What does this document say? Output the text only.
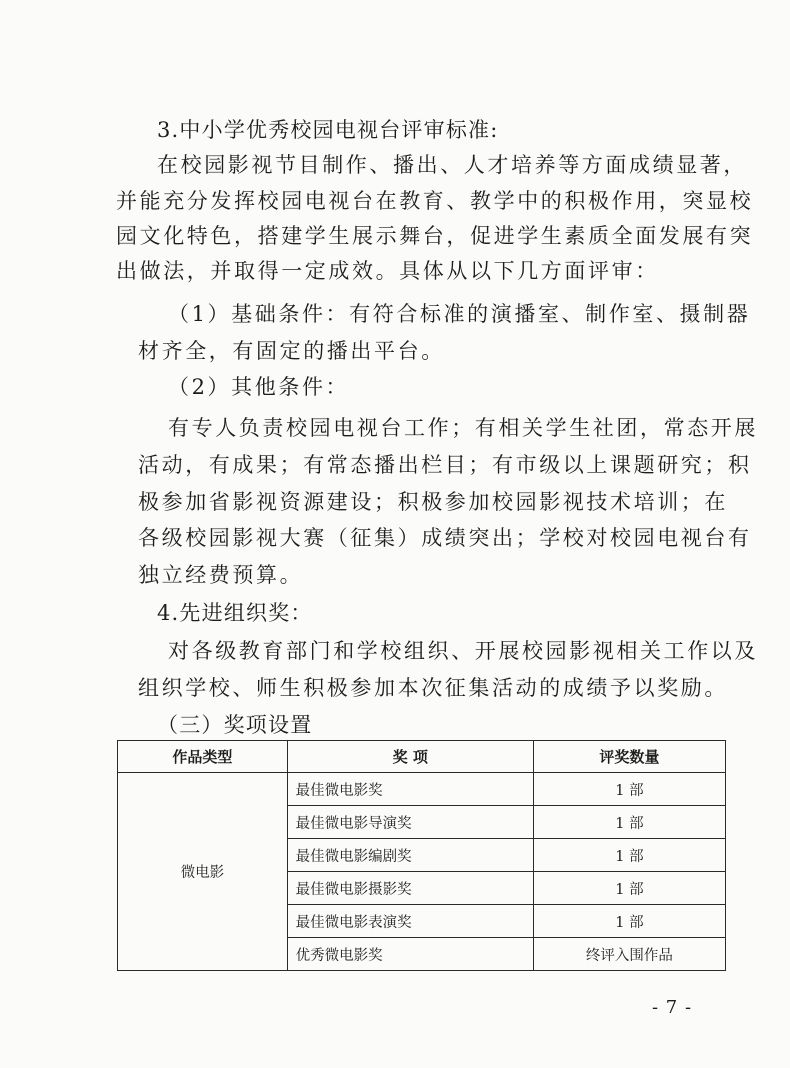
3.中小学优秀校园电视台评审标准:
在校园影视节目制作、播出、人才培养等方面成绩显著，
并能充分发挥校园电视台在教育、教学中的积极作用，突显校
园文化特色，搭建学生展示舞台，促进学生素质全面发展有突
出做法，并取得一定成效。具体从以下几方面评审：
（1）基础条件：有符合标准的演播室、制作室、摄制器
材齐全，有固定的播出平台。
（2）其他条件：
有专人负责校园电视台工作；有相关学生社团，常态开展
活动，有成果；有常态播出栏目；有市级以上课题研究；积
极参加省影视资源建设；积极参加校园影视技术培训；在
各级校园影视大赛（征集）成绩突出；学校对校园电视台有
独立经费预算。
4.先进组织奖：
对各级教育部门和学校组织、开展校园影视相关工作以及
组织学校、师生积极参加本次征集活动的成绩予以奖励。
（三）奖项设置
作品类型	奖 项	评奖数量
微电影	最佳微电影奖	1 部
	最佳微电影导演奖	1 部
	最佳微电影编剧奖	1 部
	最佳微电影摄影奖	1 部
	最佳微电影表演奖	1 部
	优秀微电影奖	终评入围作品
- 7 -
